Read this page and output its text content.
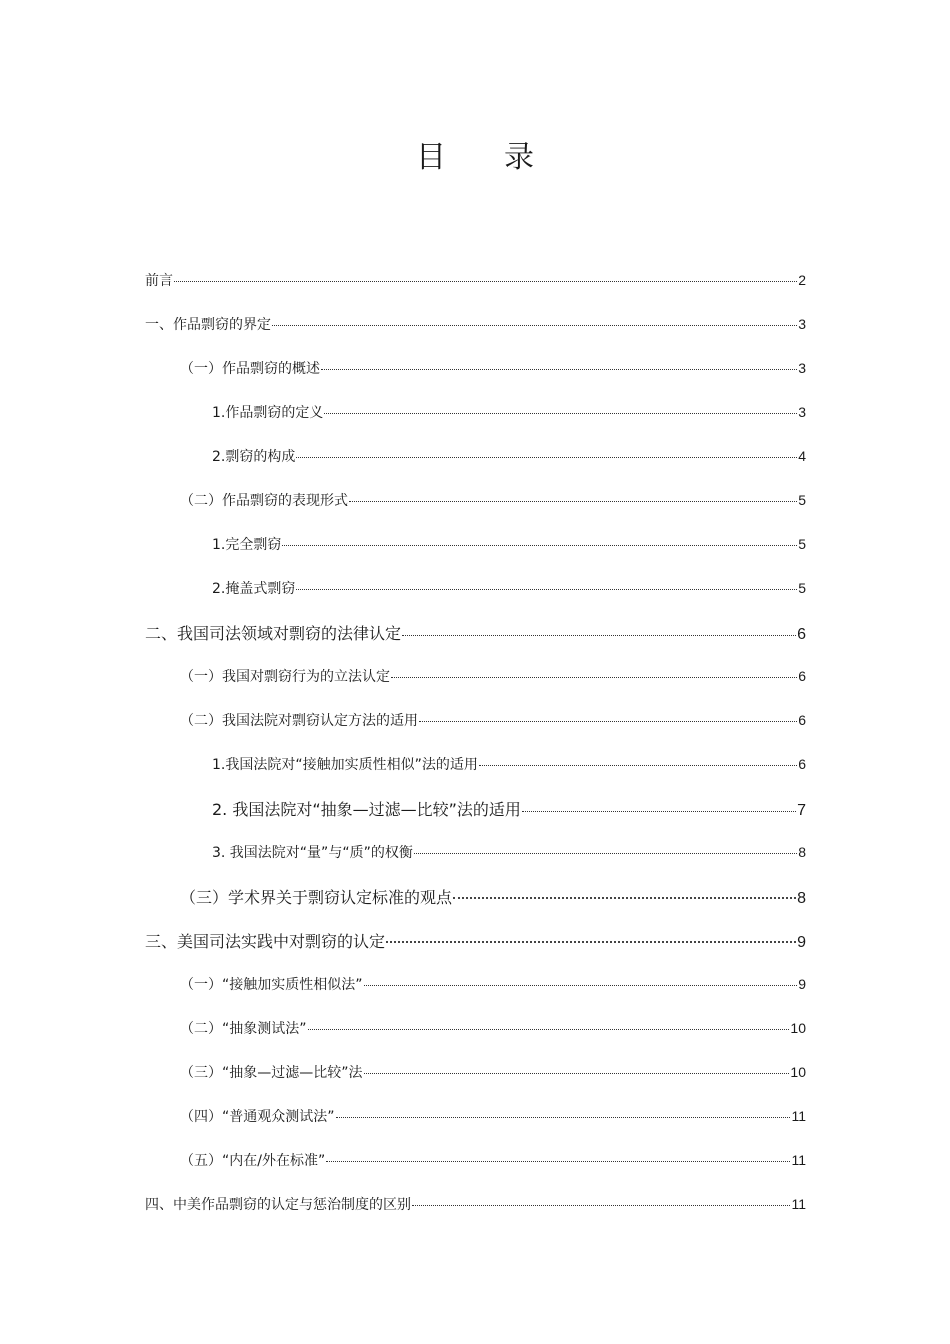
目 录
前言	2
一、作品剽窃的界定	3
（一）作品剽窃的概述	3
1.作品剽窃的定义	3
2.剽窃的构成	4
（二）作品剽窃的表现形式	5
1.完全剽窃	5
2.掩盖式剽窃	5
二、我国司法领域对剽窃的法律认定	6
（一）我国对剽窃行为的立法认定	6
（二）我国法院对剽窃认定方法的适用	6
1.我国法院对“接触加实质性相似”法的适用	6
2. 我国法院对“抽象—过滤—比较”法的适用	7
3. 我国法院对“量”与“质”的权衡	8
（三）学术界关于剽窃认定标准的观点	8
三、美国司法实践中对剽窃的认定	9
（一）“接触加实质性相似法”	9
（二）“抽象测试法”	10
（三）“抽象—过滤—比较”法	10
（四）“普通观众测试法”	11
（五）“内在/外在标准”	11
四、中美作品剽窃的认定与惩治制度的区别	11
